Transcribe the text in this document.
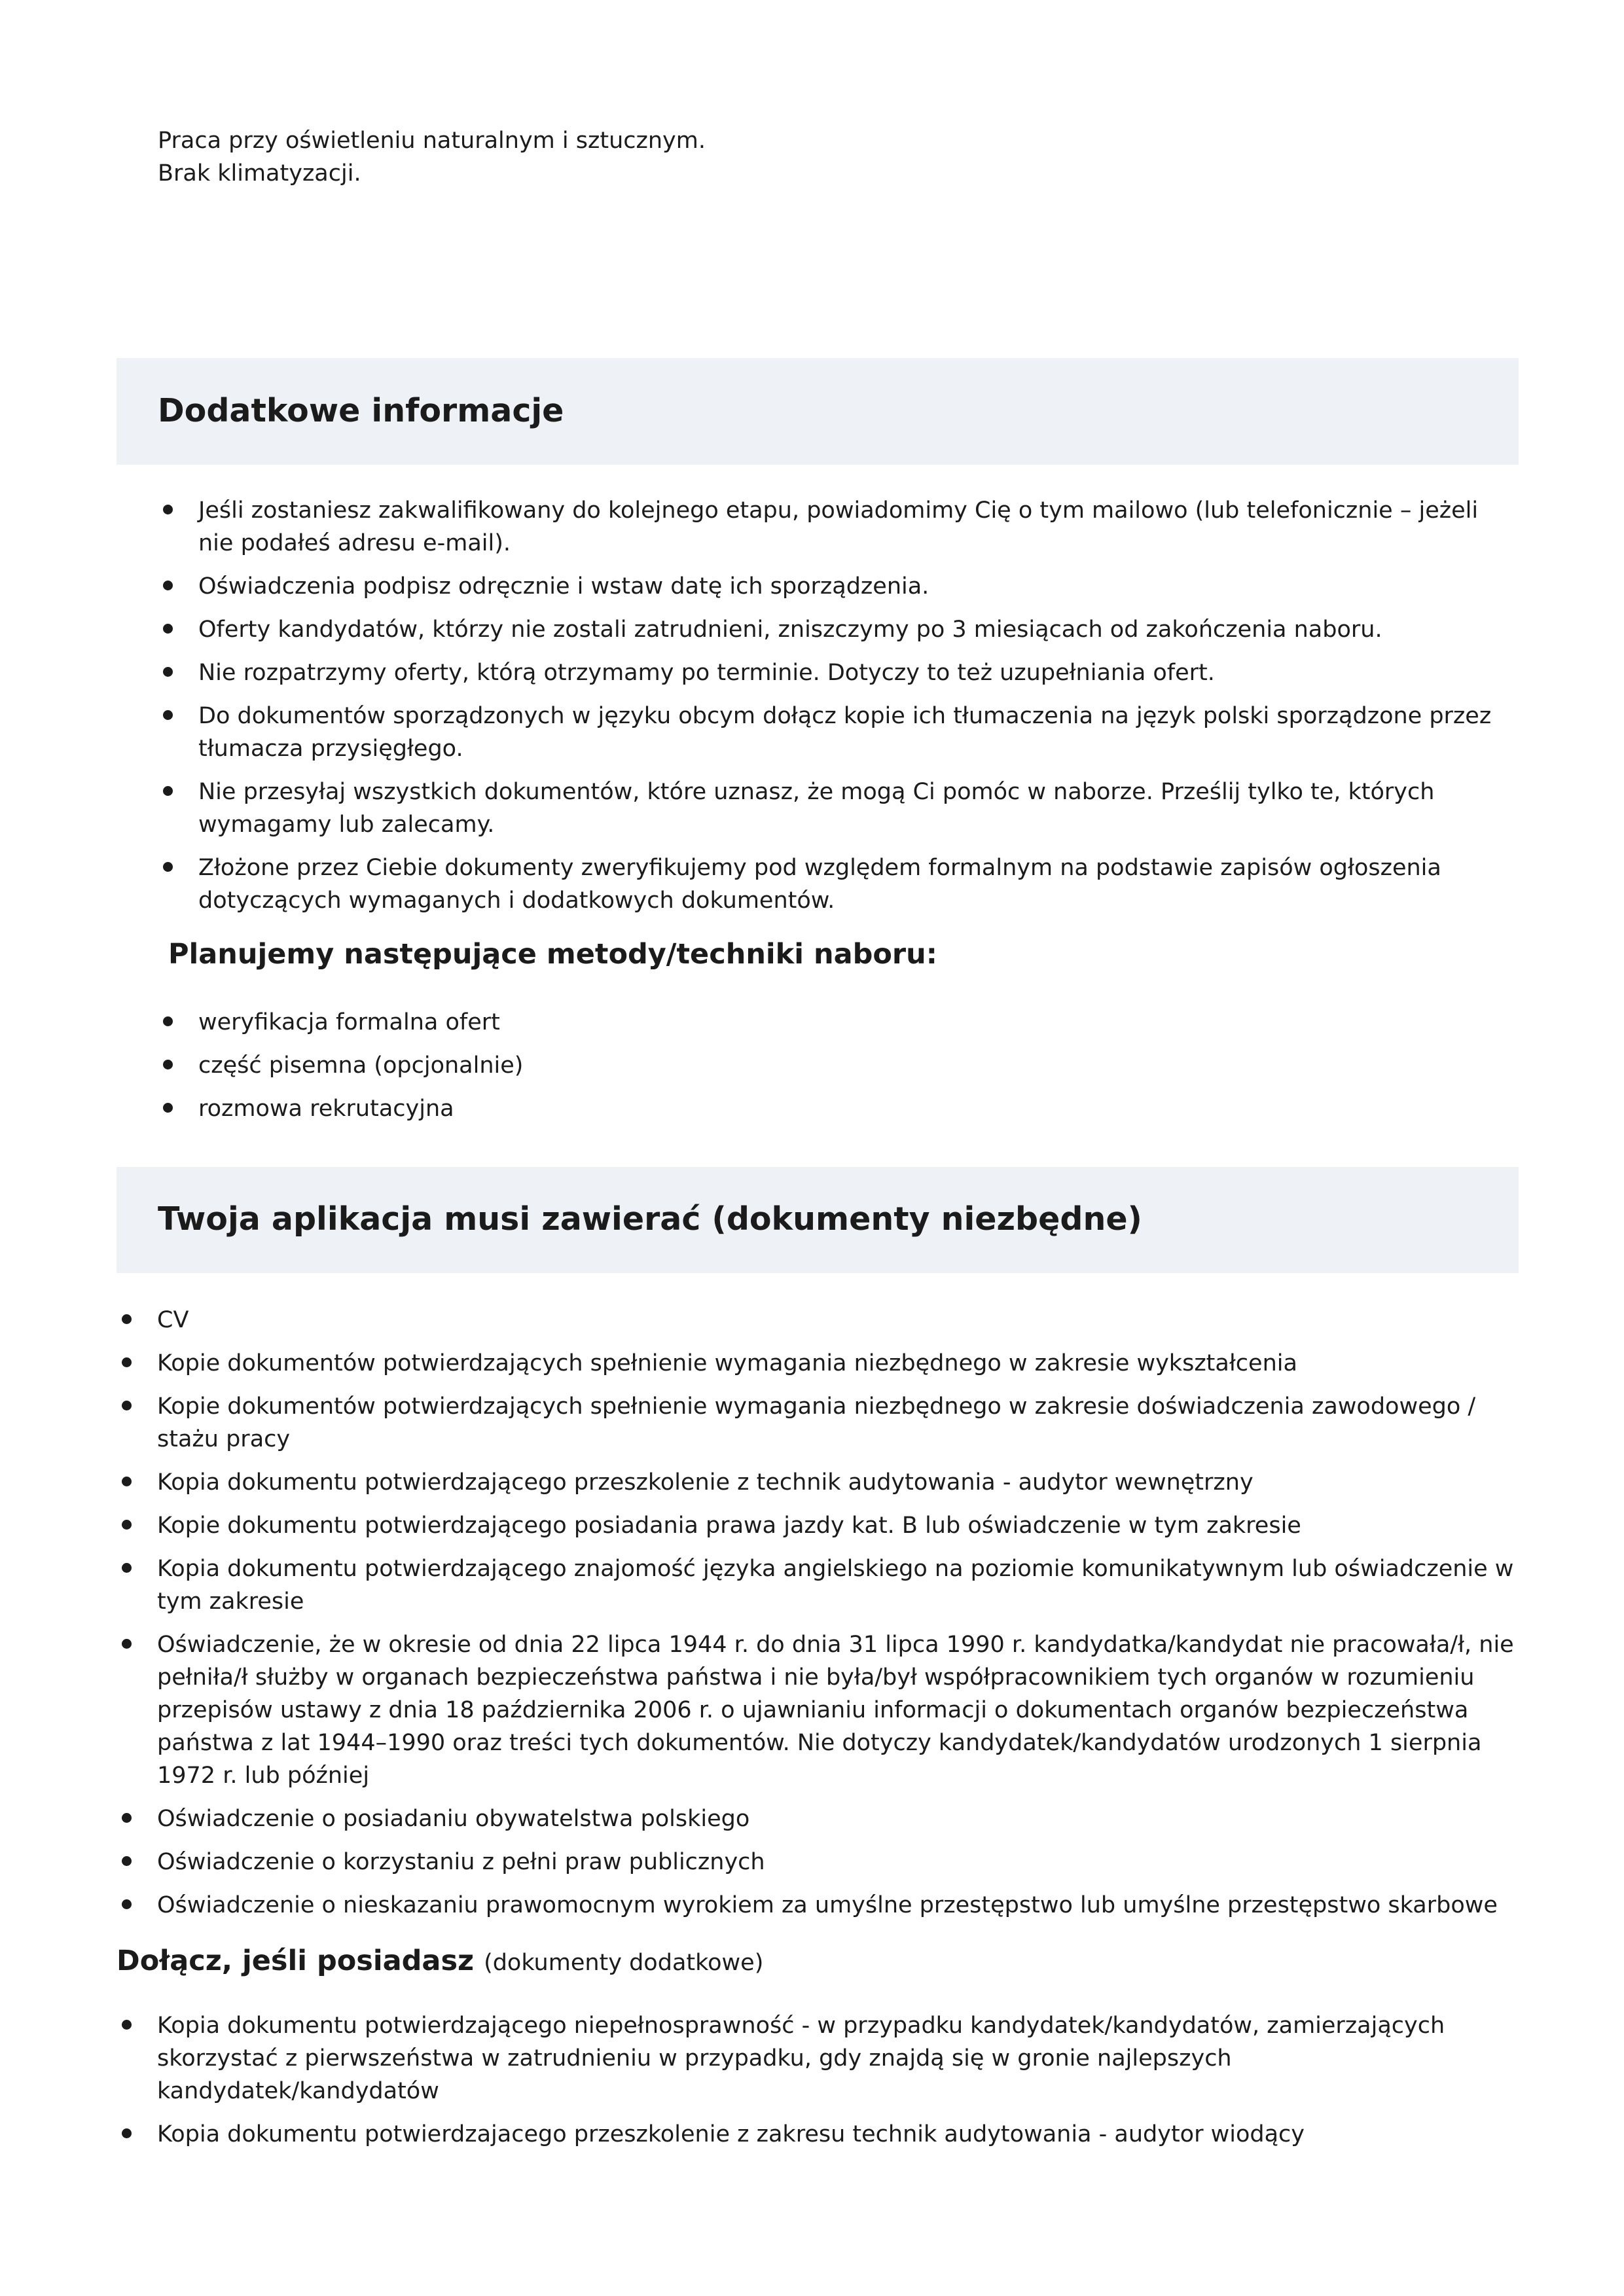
Praca przy oświetleniu naturalnym i sztucznym.
Brak klimatyzacji.
Dodatkowe informacje
Jeśli zostaniesz zakwalifikowany do kolejnego etapu, powiadomimy Cię o tym mailowo (lub telefonicznie – jeżeli nie podałeś adresu e-mail).
Oświadczenia podpisz odręcznie i wstaw datę ich sporządzenia.
Oferty kandydatów, którzy nie zostali zatrudnieni, zniszczymy po 3 miesiącach od zakończenia naboru.
Nie rozpatrzymy oferty, którą otrzymamy po terminie. Dotyczy to też uzupełniania ofert.
Do dokumentów sporządzonych w języku obcym dołącz kopie ich tłumaczenia na język polski sporządzone przez tłumacza przysięgłego.
Nie przesyłaj wszystkich dokumentów, które uznasz, że mogą Ci pomóc w naborze. Prześlij tylko te, których wymagamy lub zalecamy.
Złożone przez Ciebie dokumenty zweryfikujemy pod względem formalnym na podstawie zapisów ogłoszenia dotyczących wymaganych i dodatkowych dokumentów.
Planujemy następujące metody/techniki naboru:
weryfikacja formalna ofert
część pisemna (opcjonalnie)
rozmowa rekrutacyjna
Twoja aplikacja musi zawierać (dokumenty niezbędne)
CV
Kopie dokumentów potwierdzających spełnienie wymagania niezbędnego w zakresie wykształcenia
Kopie dokumentów potwierdzających spełnienie wymagania niezbędnego w zakresie doświadczenia zawodowego / stażu pracy
Kopia dokumentu potwierdzającego przeszkolenie z technik audytowania - audytor wewnętrzny
Kopie dokumentu potwierdzającego posiadania prawa jazdy kat. B lub oświadczenie w tym zakresie
Kopia dokumentu potwierdzającego znajomość języka angielskiego na poziomie komunikatywnym lub oświadczenie w tym zakresie
Oświadczenie, że w okresie od dnia 22 lipca 1944 r. do dnia 31 lipca 1990 r. kandydatka/kandydat nie pracowała/ł, nie pełniła/ł służby w organach bezpieczeństwa państwa i nie była/był współpracownikiem tych organów w rozumieniu przepisów ustawy z dnia 18 października 2006 r. o ujawnianiu informacji o dokumentach organów bezpieczeństwa państwa z lat 1944–1990 oraz treści tych dokumentów. Nie dotyczy kandydatek/kandydatów urodzonych 1 sierpnia 1972 r. lub później
Oświadczenie o posiadaniu obywatelstwa polskiego
Oświadczenie o korzystaniu z pełni praw publicznych
Oświadczenie o nieskazaniu prawomocnym wyrokiem za umyślne przestępstwo lub umyślne przestępstwo skarbowe
Dołącz, jeśli posiadasz (dokumenty dodatkowe)
Kopia dokumentu potwierdzającego niepełnosprawność - w przypadku kandydatek/kandydatów, zamierzających skorzystać z pierwszeństwa w zatrudnieniu w przypadku, gdy znajdą się w gronie najlepszych kandydatek/kandydatów
Kopia dokumentu potwierdzajacego przeszkolenie z zakresu technik audytowania - audytor wiodący
